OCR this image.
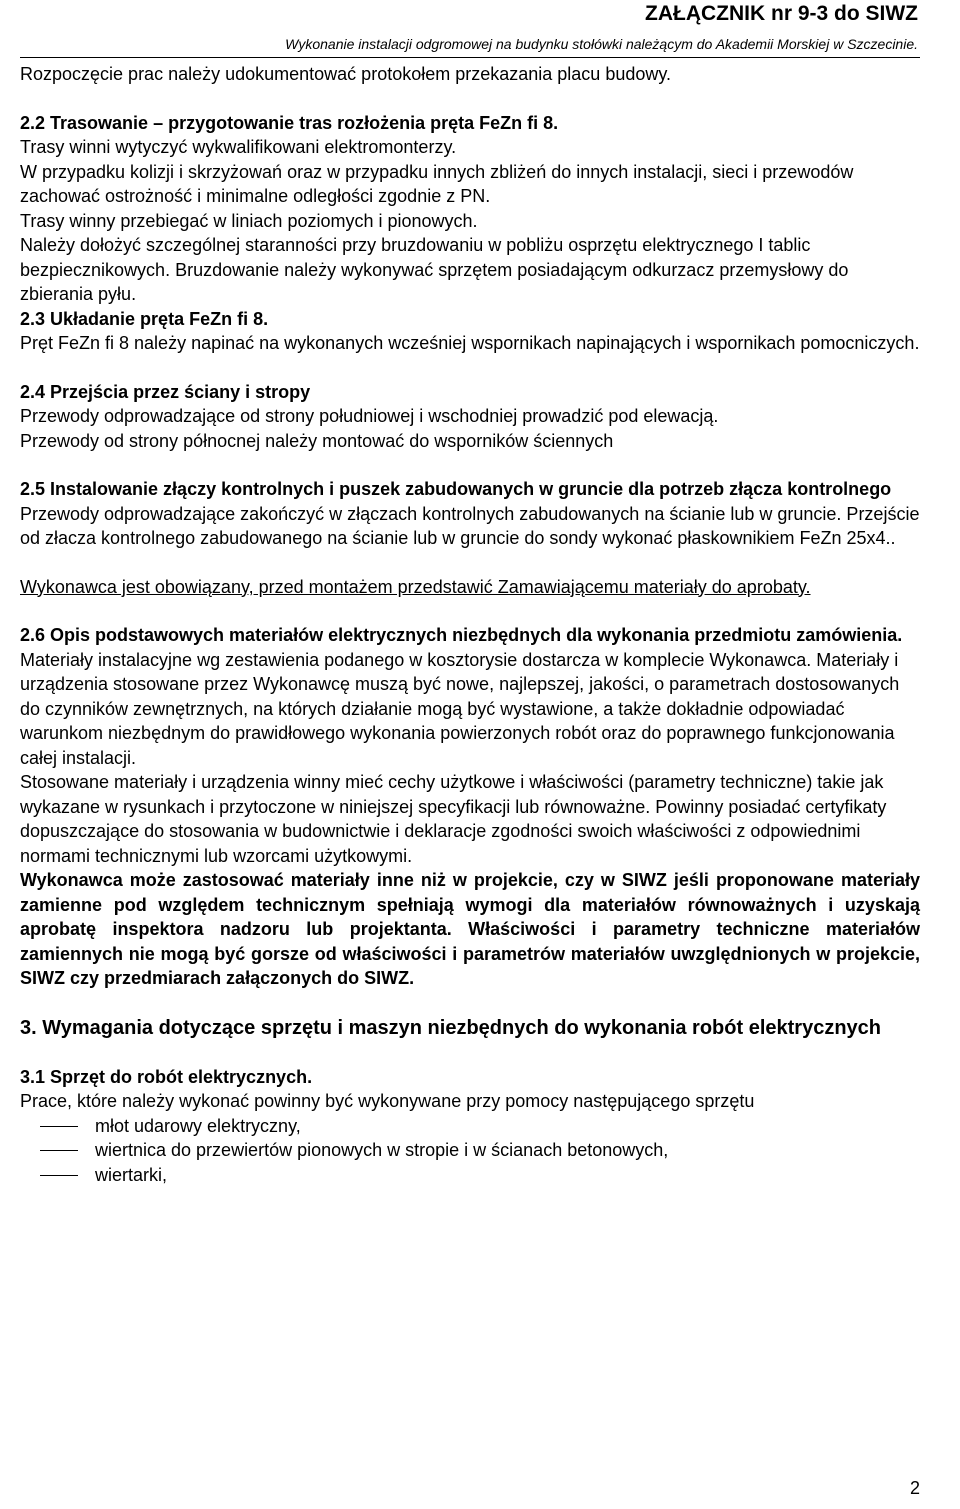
ZAŁĄCZNIK nr 9-3 do SIWZ
Wykonanie instalacji odgromowej na budynku stołówki należącym do Akademii Morskiej w Szczecinie.

Rozpoczęcie prac należy udokumentować protokołem przekazania placu budowy.

2.2 Trasowanie – przygotowanie tras rozłożenia pręta FeZn fi 8.

Trasy winni wytyczyć wykwalifikowani elektromonterzy.

W przypadku kolizji i skrzyżowań oraz w przypadku innych zbliżeń do innych instalacji, sieci i przewodów zachować ostrożność i minimalne odległości zgodnie z PN.

Trasy winny przebiegać w liniach poziomych i pionowych.

Należy dołożyć szczególnej staranności przy bruzdowaniu w pobliżu osprzętu elektrycznego I tablic bezpiecznikowych. Bruzdowanie należy wykonywać sprzętem posiadającym odkurzacz przemysłowy do zbierania pyłu.

2.3 Układanie pręta FeZn fi 8.

Pręt FeZn fi 8 należy napinać na wykonanych wcześniej wspornikach napinających i wspornikach pomocniczych.

2.4 Przejścia przez ściany i stropy

Przewody odprowadzające od strony południowej i wschodniej prowadzić pod elewacją.

Przewody od strony północnej należy montować do wsporników ściennych

2.5 Instalowanie złączy kontrolnych i puszek zabudowanych w gruncie dla potrzeb złącza kontrolnego

Przewody odprowadzające zakończyć w złączach kontrolnych zabudowanych na ścianie lub w gruncie. Przejście od złacza kontrolnego zabudowanego na ścianie lub w gruncie do sondy wykonać płaskownikiem FeZn 25x4..

Wykonawca jest obowiązany, przed montażem przedstawić Zamawiającemu materiały do aprobaty.

2.6 Opis podstawowych materiałów elektrycznych niezbędnych dla wykonania przedmiotu zamówienia.

Materiały instalacyjne wg zestawienia podanego w kosztorysie dostarcza w komplecie Wykonawca. Materiały i urządzenia stosowane przez Wykonawcę muszą być nowe, najlepszej, jakości, o parametrach dostosowanych do czynników zewnętrznych, na których działanie mogą być wystawione, a także dokładnie odpowiadać warunkom niezbędnym do prawidłowego wykonania powierzonych robót oraz do poprawnego funkcjonowania całej instalacji.

Stosowane materiały i urządzenia winny mieć cechy użytkowe i właściwości (parametry techniczne) takie jak wykazane w rysunkach i przytoczone w niniejszej specyfikacji lub równoważne. Powinny posiadać certyfikaty dopuszczające do stosowania w budownictwie i deklaracje zgodności swoich właściwości z odpowiednimi normami technicznymi lub wzorcami użytkowymi.

Wykonawca może zastosować materiały inne niż w projekcie, czy w SIWZ jeśli proponowane materiały zamienne pod względem technicznym spełniają wymogi dla materiałów równoważnych i uzyskają aprobatę inspektora nadzoru lub projektanta. Właściwości i parametry techniczne materiałów zamiennych nie mogą być gorsze od właściwości i parametrów materiałów uwzględnionych w projekcie, SIWZ czy przedmiarach załączonych do SIWZ.

3. Wymagania dotyczące sprzętu i maszyn niezbędnych do wykonania robót elektrycznych

3.1 Sprzęt do robót elektrycznych.

Prace, które należy wykonać powinny być wykonywane przy pomocy następującego sprzętu

młot udarowy elektryczny,
wiertnica do przewiertów pionowych w stropie i w ścianach betonowych,
wiertarki,
2
